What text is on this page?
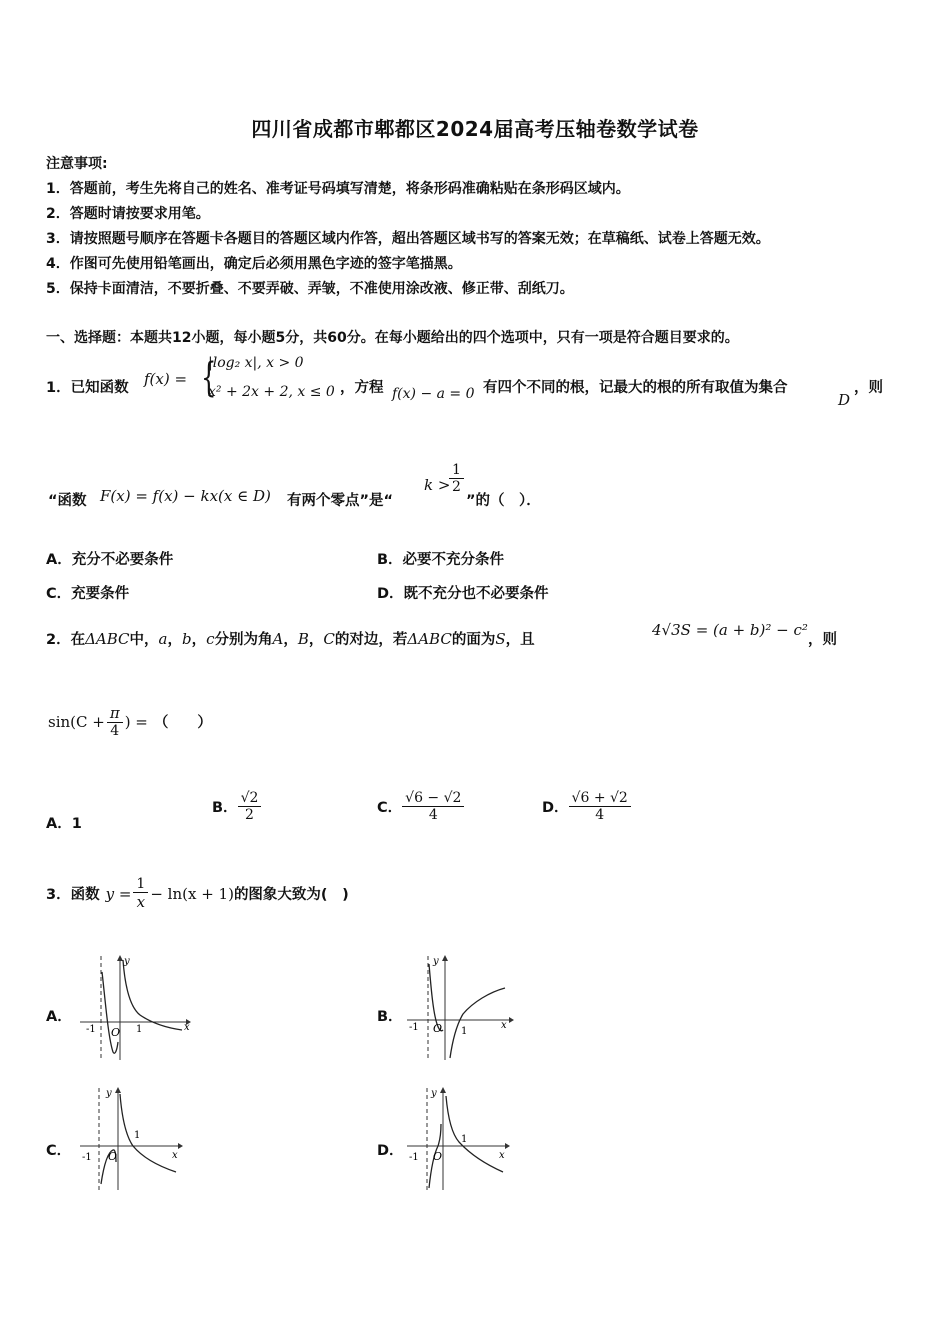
四川省成都市郫都区2024届高考压轴卷数学试卷
注意事项:
1．答题前，考生先将自己的姓名、准考证号码填写清楚，将条形码准确粘贴在条形码区域内。
2．答题时请按要求用笔。
3．请按照题号顺序在答题卡各题目的答题区域内作答，超出答题区域书写的答案无效；在草稿纸、试卷上答题无效。
4．作图可先使用铅笔画出，确定后必须用黑色字迹的签字笔描黑。
5．保持卡面清洁，不要折叠、不要弄破、弄皱，不准使用涂改液、修正带、刮纸刀。
一、选择题：本题共12小题，每小题5分，共60分。在每小题给出的四个选项中，只有一项是符合题目要求的。
1．已知函数 f(x) = {
|log₂ x|, x > 0
x² + 2x + 2, x ≤ 0 ，方程 f(x) − a = 0 有四个不同的根，记最大的根的所有取值为集合
D
，则
“函数 F(x) = f(x) − kx(x ∈ D) 有两个零点”是“
k >
$\frac{1}{2}$
”的（　）．
A．充分不必要条件	B．必要不充分条件
C．充要条件	D．既不充分也不必要条件
2．在 ΔABC 中， a ， b ， c 分别为角 A ， B ， C 的对边，若 ΔABC 的面为 S ，且
4√3S = (a + b)² − c²
，则
$\sin(C + \frac{\pi}{4}$ ) = （　　）
A．1
B． $\frac{√2}{2}$	C． $\frac{√6 - √2}{4}$	D． $\frac{√6 + √2}{4}$
3．函数 $y = \frac{1}{x} - \ln(x + 1)$ 的图象大致为(　)
A．	B．
C．	D．
y
x
O
-1	1
y
x
O
-1	1
y
x
O
-1
1
y
x
O
-1
1
